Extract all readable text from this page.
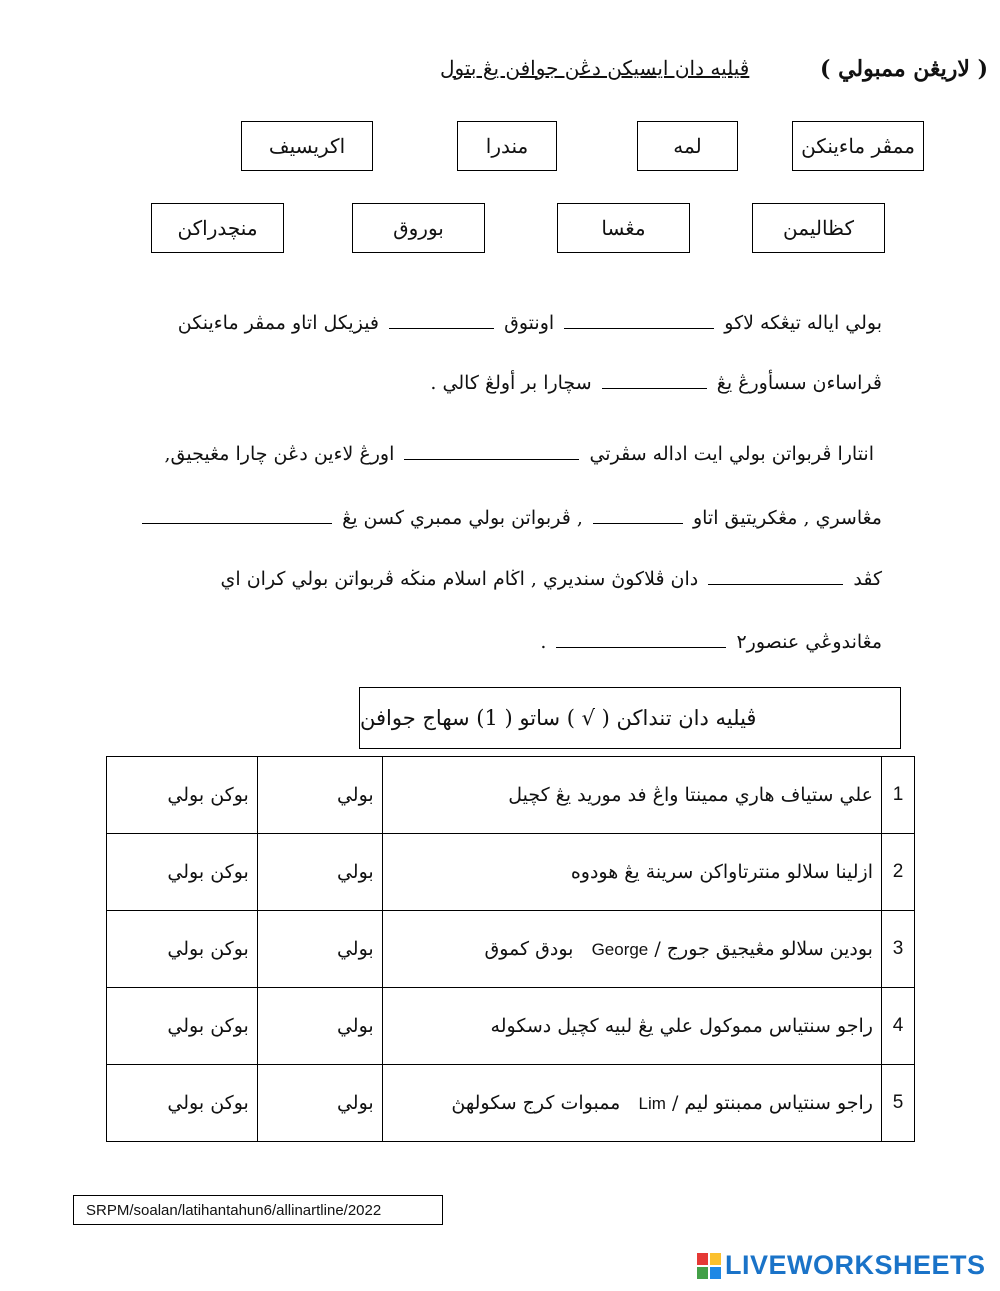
( لاريڠن ممبولي )
ڤيليه دان ايسيكن دڠن جوافن يڠ بتول
ممڤر ماءينكن
لمه
مندرا
اكريسيف
كظاليمن
مڠسا
بوروق
منچدراكن
بولي اياله تيڠكه لاكو  اونتوق  فيزيكل اتاو ممڤر ماءينكن
ڤراساءن سسأورڠ يڠ  سچارا بر أولڠ كالي .
انتارا ڤربواتن بولي ايت اداله سڤرتي  اورڠ لاءين دڠن چارا مڠيجيق,
مڠاسري , مڠكريتيق اتاو  , ڤربواتن بولي ممبري كسن يڠ
كڤد  دان ڤلاكوڽ سنديري , اڬام اسلام منڬه ڤربواتن بولي كران اي
مڠاندوڠي عنصور٢  .
ڤيليه دان تنداكن ( √ ) ساتو ( 1) سهاج جوافن
بوكن بولي	بولي	علي ستياف هاري ممينتا واڠ فد موريد يڠ كچيل	1
بوكن بولي	بولي	ازلينا سلالو منترتاواكن سرينة يڠ هودوه	2
بوكن بولي	بولي	بودين سلالو مڠيجيق جورج / George   بودق كموق	3
بوكن بولي	بولي	راجو سنتياس مموكول علي يڠ لبيه كچيل دسكوله	4
بوكن بولي	بولي	راجو سنتياس ممبنتو ليم / Lim   ممبوات كرج سكولهڽ	5
SRPM/soalan/latihantahun6/allinartline/2022
LIVEWORKSHEETS
